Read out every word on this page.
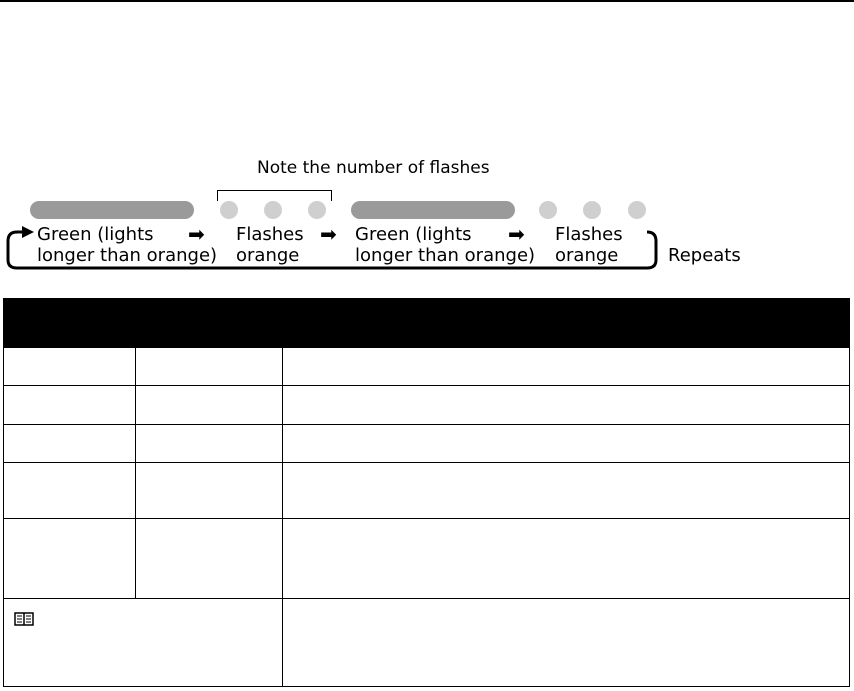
Note the number of flashes
Green (lights
longer than orange)
➡ Flashes
orange
➡ Green (lights
longer than orange)
➡ Flashes
orange	Repeats
